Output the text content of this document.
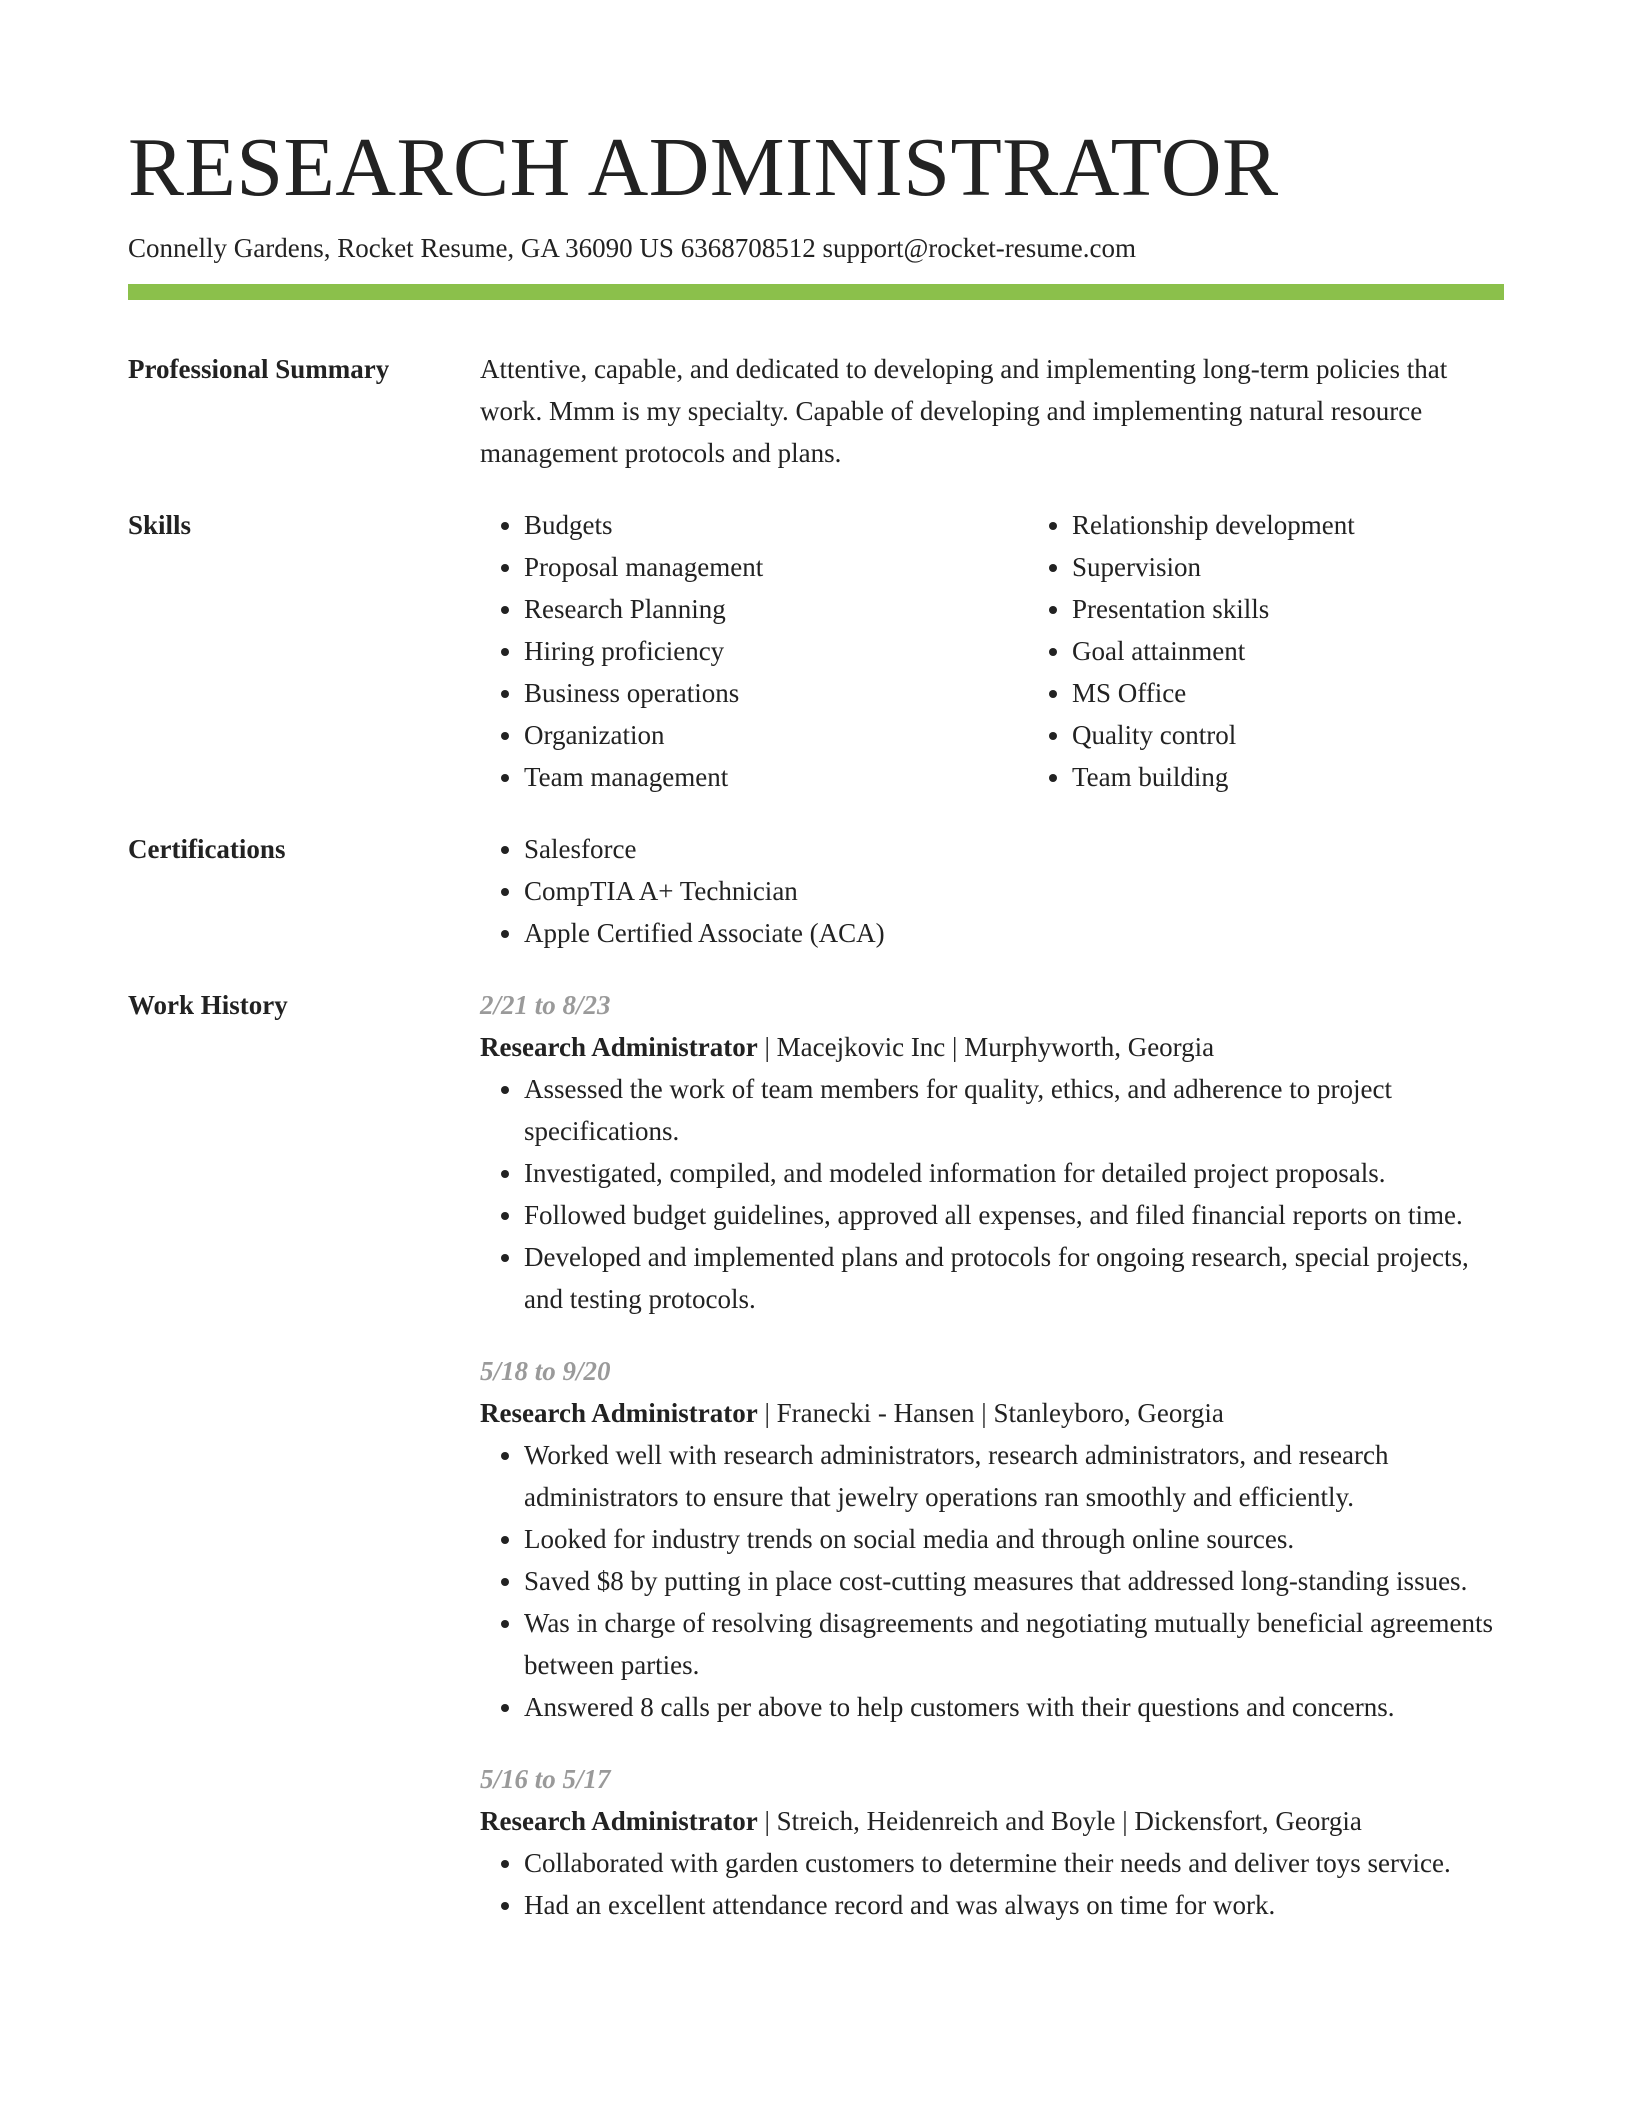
RESEARCH ADMINISTRATOR
Connelly Gardens, Rocket Resume, GA 36090 US 6368708512 support@rocket-resume.com
Professional Summary	Attentive, capable, and dedicated to developing and implementing long-term policies that work. Mmm is my specialty. Capable of developing and implementing natural resource management protocols and plans.

Skills	• Budgets
• Proposal management
• Research Planning
• Hiring proficiency
• Business operations
• Organization
• Team management
• Relationship development
• Supervision
• Presentation skills
• Goal attainment
• MS Office
• Quality control
• Team building
Certifications	• Salesforce
• CompTIA A+ Technician
• Apple Certified Associate (ACA)
Work History	2/21 to 8/23
Research Administrator | Macejkovic Inc | Murphyworth, Georgia
• Assessed the work of team members for quality, ethics, and adherence to project specifications.
• Investigated, compiled, and modeled information for detailed project proposals.
• Followed budget guidelines, approved all expenses, and filed financial reports on time.
• Developed and implemented plans and protocols for ongoing research, special projects, and testing protocols.
5/18 to 9/20
Research Administrator | Franecki - Hansen | Stanleyboro, Georgia
• Worked well with research administrators, research administrators, and research administrators to ensure that jewelry operations ran smoothly and efficiently.
• Looked for industry trends on social media and through online sources.
• Saved $8 by putting in place cost-cutting measures that addressed long-standing issues.
• Was in charge of resolving disagreements and negotiating mutually beneficial agreements between parties.
• Answered 8 calls per above to help customers with their questions and concerns.
5/16 to 5/17
Research Administrator | Streich, Heidenreich and Boyle | Dickensfort, Georgia
• Collaborated with garden customers to determine their needs and deliver toys service.
• Had an excellent attendance record and was always on time for work.
